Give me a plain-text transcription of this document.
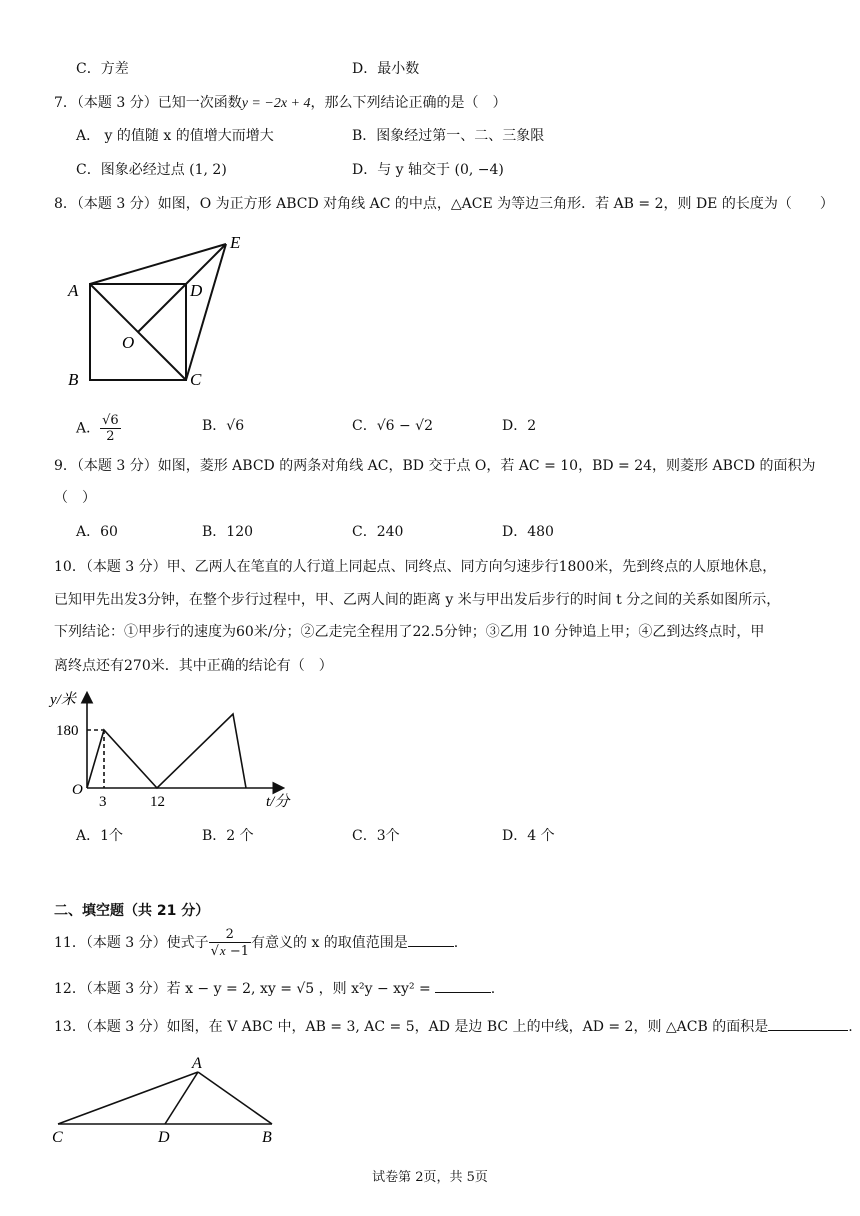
C．方差	D．最小数
7．（本题 3 分）已知一次函数y = −2x + 4，那么下列结论正确的是（　）
A． y 的值随 x 的值增大而增大	B．图象经过第一、二、三象限
C．图象必经过点 (1, 2)	D．与 y 轴交于 (0, −4)
8．（本题 3 分）如图，O 为正方形 ABCD 对角线 AC 的中点，△ACE 为等边三角形．若 AB = 2，则 DE 的长度为（　　）
A
B	C
D
E
O
A． $\frac{√6}{2}$	B．√6	C．√6 − √2	D．2
9．（本题 3 分）如图，菱形 ABCD 的两条对角线 AC，BD 交于点 O，若 AC = 10，BD = 24，则菱形 ABCD 的面积为
（　）
A．60	B．120	C．240	D．480
10．（本题 3 分）甲、乙两人在笔直的人行道上同起点、同终点、同方向匀速步行1800米，先到终点的人原地休息，
已知甲先出发3分钟，在整个步行过程中，甲、乙两人间的距离 y 米与甲出发后步行的时间 t 分之间的关系如图所示，
下列结论：①甲步行的速度为60米/分；②乙走完全程用了22.5分钟；③乙用 10 分钟追上甲；④乙到达终点时，甲
离终点还有270米．其中正确的结论有（　）
y/米
180
O
3	12	t/分
A．1个	B．2 个	C．3个	D．4 个
二、填空题（共 21 分）
11．（本题 3 分）使式子 $\frac{2}{√x -1}$ 有意义的 x 的取值范围是	.
12．（本题 3 分）若 x − y = 2, xy = √5 ，则 x²y − xy² =	.
13．（本题 3 分）如图，在 V ABC 中，AB = 3, AC = 5，AD 是边 BC 上的中线，AD = 2，则 △ACB 的面积是	.
A
C	D	B
试卷第 2页，共 5页
